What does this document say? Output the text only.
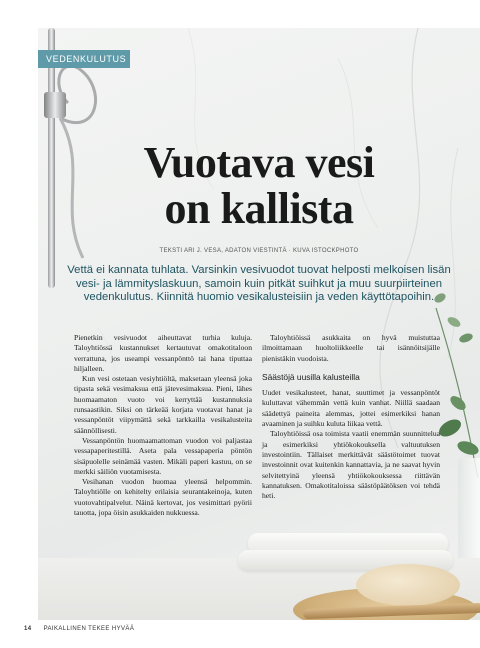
VEDENKULUTUS
Vuotava vesi
on kallista
TEKSTI ARI J. VESA, ADATON VIESTINTÄ · KUVA ISTOCKPHOTO

Vettä ei kannata tuhlata. Varsinkin vesivuodot tuovat helposti melkoisen lisän vesi- ja lämmityslaskuun, samoin kuin pitkät suihkut ja muu suurpiirteinen vedenkulutus. Kiinnitä huomio vesikalusteisiin ja veden käyttötapoihin.

Pienetkin vesivuodot aiheuttavat turhia kuluja. Taloyhtiössä kustannukset kertautuvat omakotitaloon verrattuna, jos useampi vessanpönttö tai hana tiputtaa hiljalleen.

Kun vesi ostetaan vesiyhtiöltä, maksetaan yleensä joka tipasta sekä vesimaksua että jätevesimaksua. Pieni, lähes huomaamaton vuoto voi kerryttää kustannuksia runsaastikin. Siksi on tärkeää korjata vuotavat hanat ja vessanpöntöt viipymättä sekä tarkkailla vesikalusteita säännöllisesti.

Vessanpöntön huomaamattoman vuodon voi paljastaa vessapaperitestillä. Aseta pala vessapaperia pöntön sisäpuolelle seinämää vasten. Mikäli paperi kastuu, on se merkki säiliön vuotamisesta.

Vesihanan vuodon huomaa yleensä helpommin. Taloyhtiölle on kehitelty erilaisia seurantakeinoja, kuten vuotovahtipalvelut. Näinä kertovat, jos vesimittari pyörii tauotta, jopa öisin asukkaiden nukkuessa.

Taloyhtiöissä asukkaita on hyvä muistuttaa ilmoittamaan huoltoliikkeelle tai isännöitsijälle pienistäkin vuodoista.

Säästöjä uusilla kalusteilla

Uudet vesikalusteet, hanat, suuttimet ja vessanpöntöt kuluttavat vähemmän vettä kuin vanhat. Niillä saadaan säädettyä paineita alemmas, jottei esimerkiksi hanan avaaminen ja suihku kuluta liikaa vettä.

Taloyhtiöissä osa toimista vaatii enemmän suunnittelua ja esimerkiksi yhtiökokouksella valtuutuksen investointiin. Tällaiset merkittävät säästötoimet tuovat investoinnit ovat kuitenkin kannattavia, ja ne saavat hyvin selvitettyinä yleensä yhtiökokouksessa riittävän kannatuksen. Omakotitaloissa säästöpäätöksen voi tehdä heti.

14 PAIKALLINEN TEKEE HYVÄÄ
